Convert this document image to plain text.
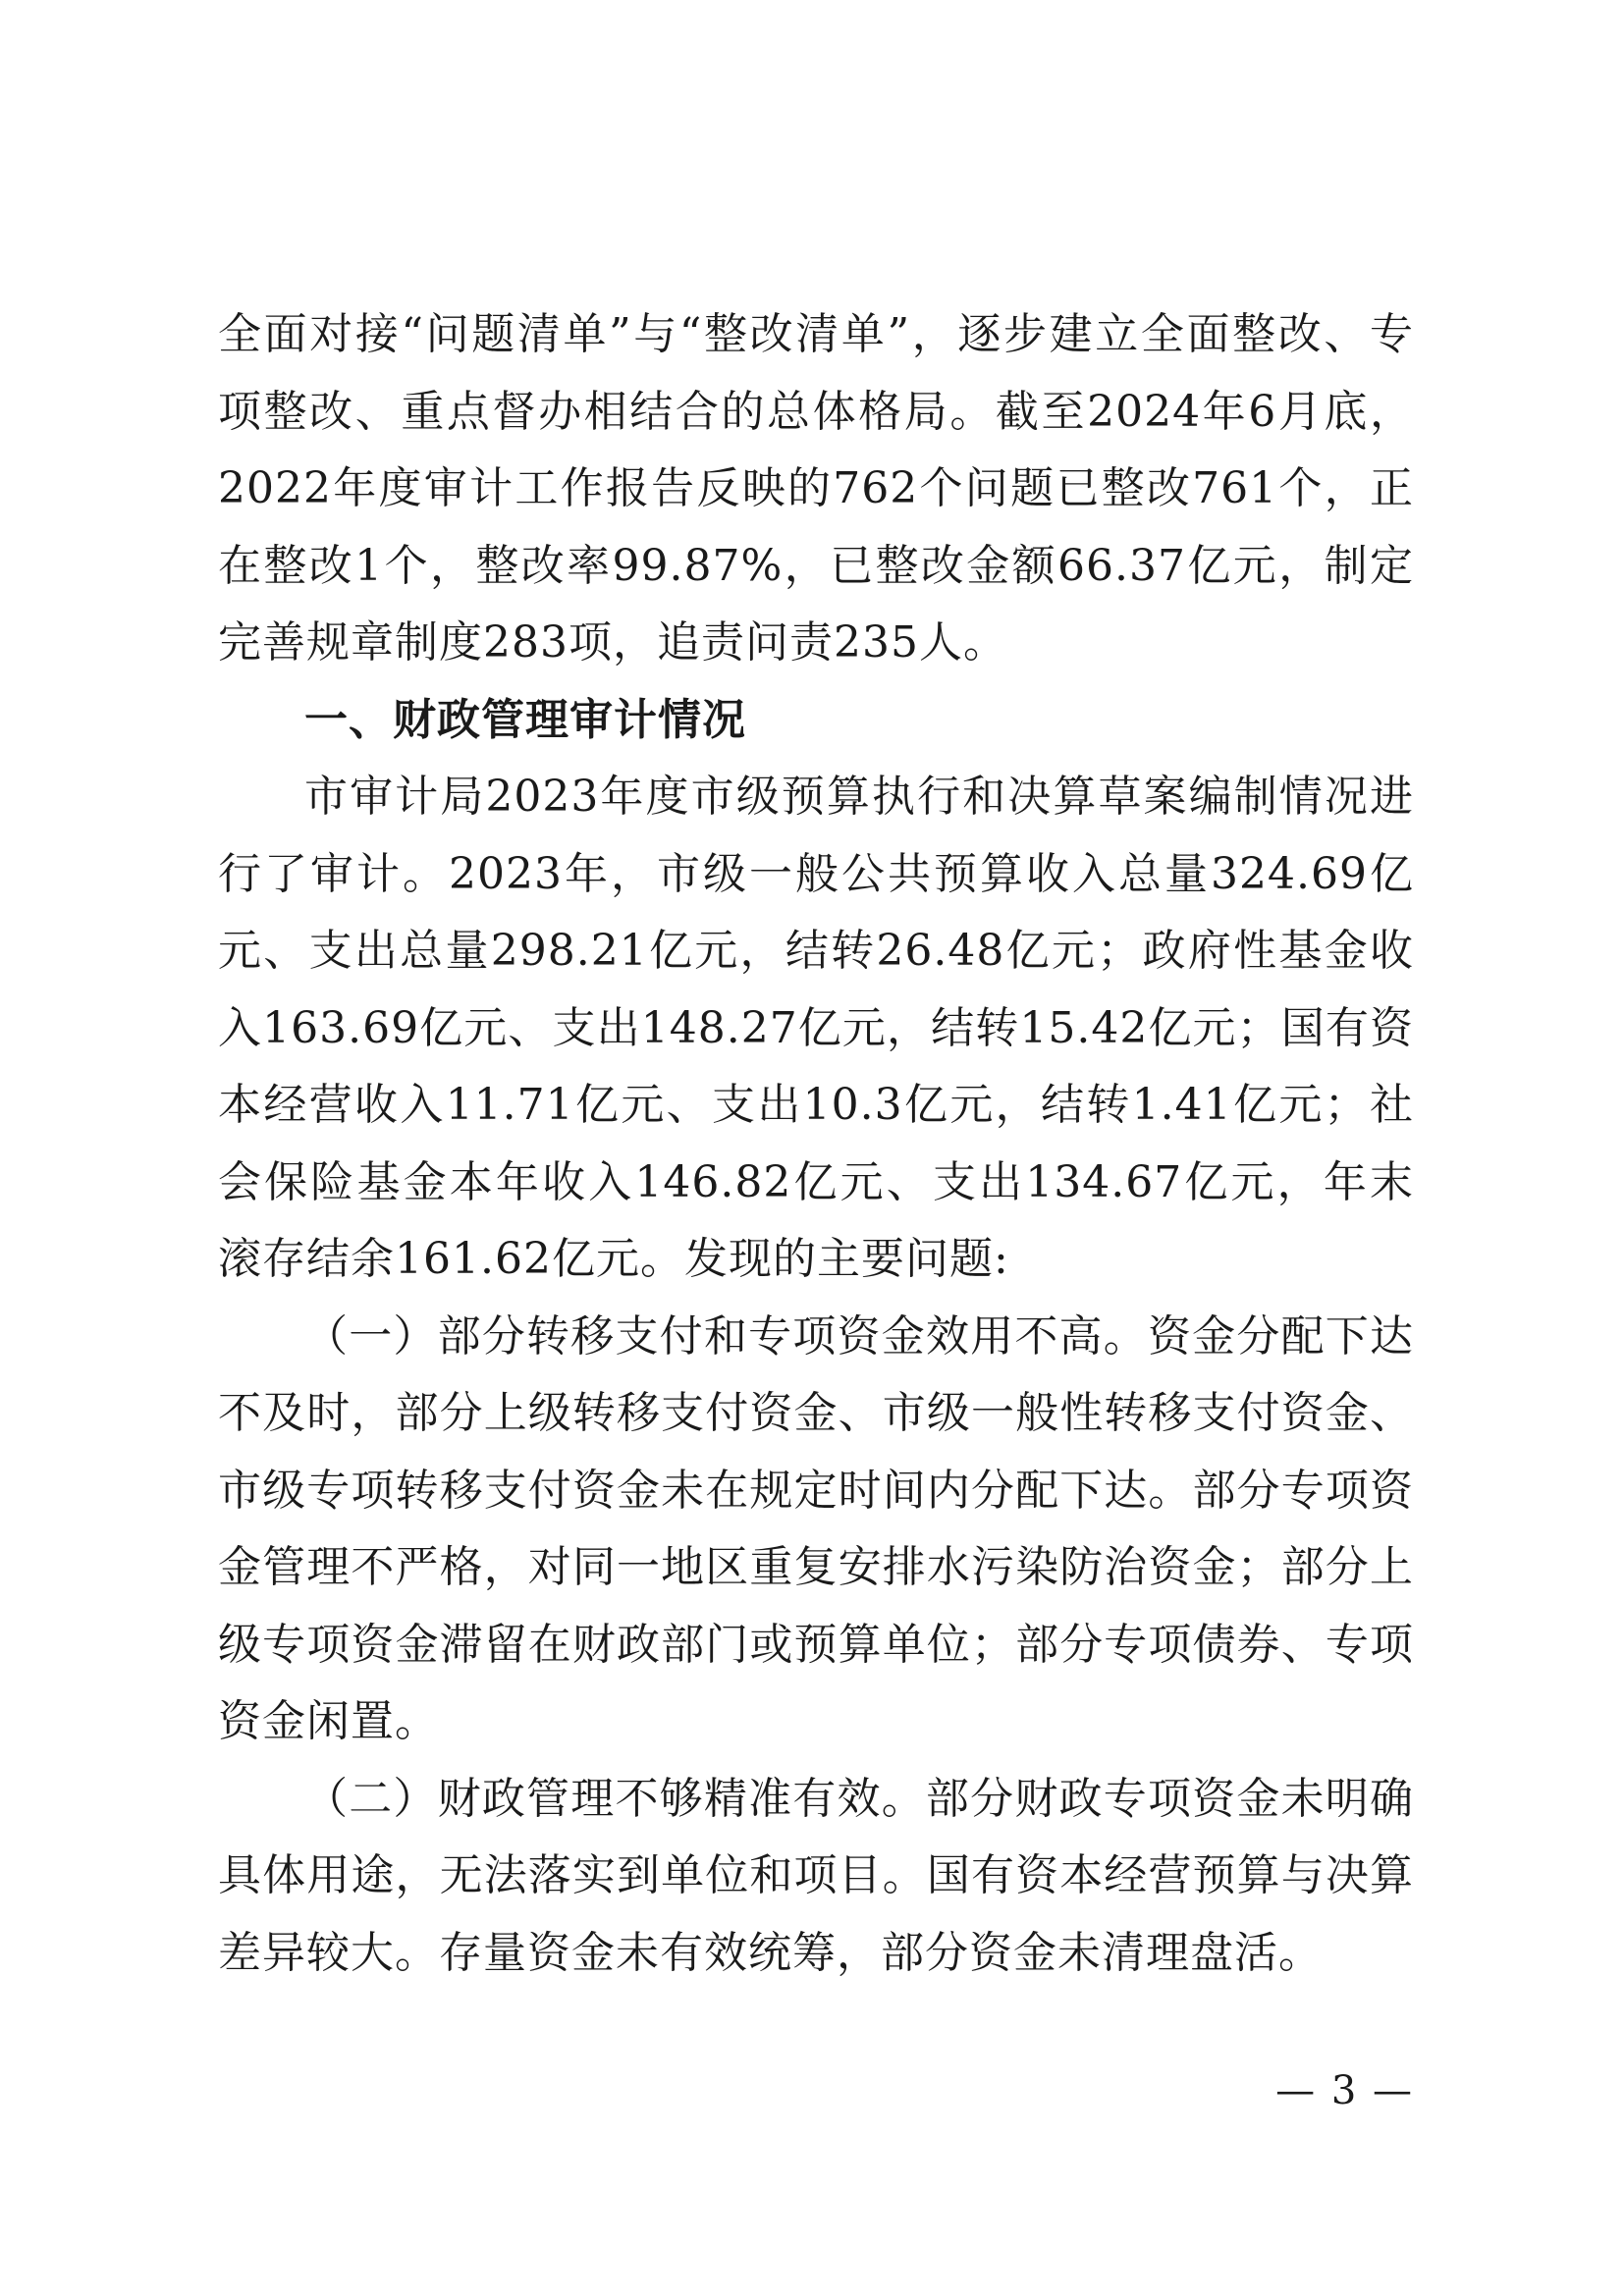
全面对接“问题清单”与“整改清单”，逐步建立全面整改、专项整改、重点督办相结合的总体格局。截至2024年6月底，2022年度审计工作报告反映的762个问题已整改761个，正在整改1个，整改率99.87%，已整改金额66.37亿元，制定完善规章制度283项，追责问责235人。

一、财政管理审计情况

市审计局2023年度市级预算执行和决算草案编制情况进行了审计。2023年，市级一般公共预算收入总量324.69亿元、支出总量298.21亿元，结转26.48亿元；政府性基金收入163.69亿元、支出148.27亿元，结转15.42亿元；国有资本经营收入11.71亿元、支出10.3亿元，结转1.41亿元；社会保险基金本年收入146.82亿元、支出134.67亿元，年末滚存结余161.62亿元。发现的主要问题:

（一）部分转移支付和专项资金效用不高。资金分配下达不及时，部分上级转移支付资金、市级一般性转移支付资金、市级专项转移支付资金未在规定时间内分配下达。部分专项资金管理不严格，对同一地区重复安排水污染防治资金；部分上级专项资金滞留在财政部门或预算单位；部分专项债券、专项资金闲置。

（二）财政管理不够精准有效。部分财政专项资金未明确具体用途，无法落实到单位和项目。国有资本经营预算与决算差异较大。存量资金未有效统筹，部分资金未清理盘活。

— 3 —
